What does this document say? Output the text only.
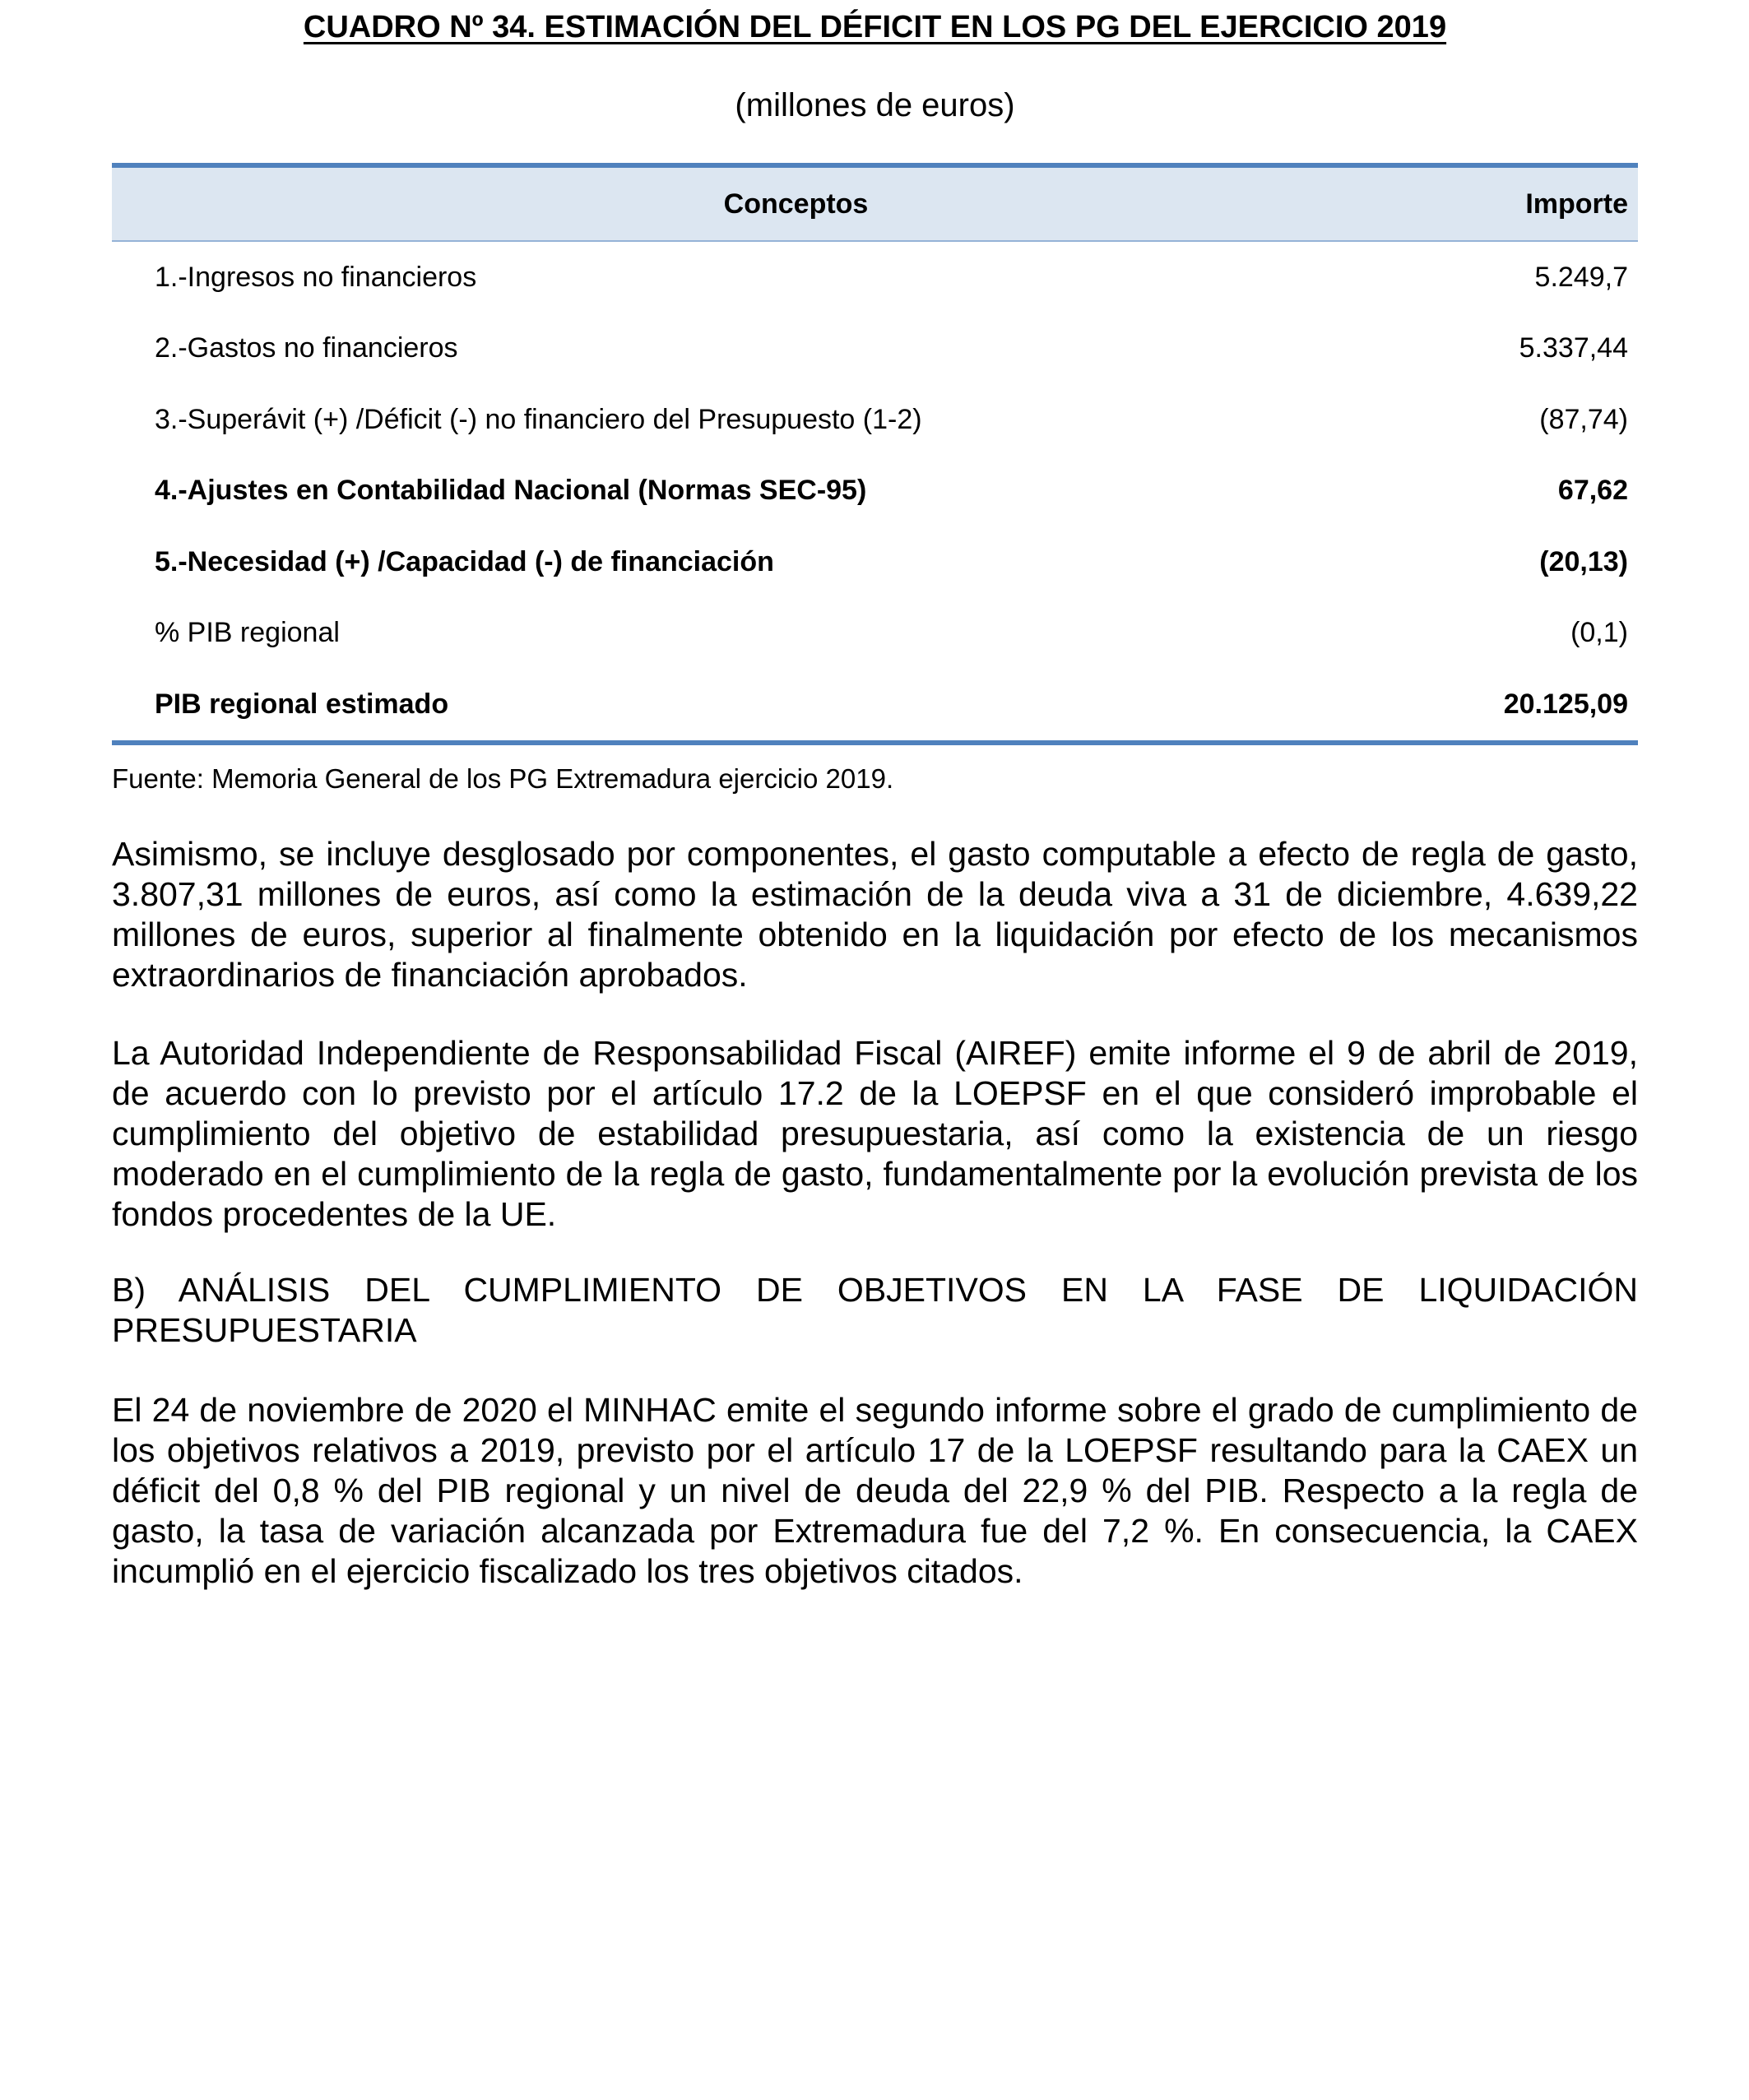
CUADRO Nº 34. ESTIMACIÓN DEL DÉFICIT EN LOS PG DEL EJERCICIO 2019
(millones de euros)
Conceptos	Importe
1.-Ingresos no financieros	5.249,7
2.-Gastos no financieros	5.337,44
3.-Superávit (+) /Déficit (-) no financiero del Presupuesto (1-2)	(87,74)
4.-Ajustes en Contabilidad Nacional (Normas SEC-95)	67,62
5.-Necesidad (+) /Capacidad (-) de financiación	(20,13)
% PIB regional	(0,1)
PIB regional estimado	20.125,09
Fuente: Memoria General de los PG Extremadura ejercicio 2019.

Asimismo, se incluye desglosado por componentes, el gasto computable a efecto de regla de gasto, 3.807,31 millones de euros, así como la estimación de la deuda viva a 31 de diciembre, 4.639,22 millones de euros, superior al finalmente obtenido en la liquidación por efecto de los mecanismos extraordinarios de financiación aprobados.

La Autoridad Independiente de Responsabilidad Fiscal (AIREF) emite informe el 9 de abril de 2019, de acuerdo con lo previsto por el artículo 17.2 de la LOEPSF en el que consideró improbable el cumplimiento del objetivo de estabilidad presupuestaria, así como la existencia de un riesgo moderado en el cumplimiento de la regla de gasto, fundamentalmente por la evolución prevista de los fondos procedentes de la UE.

B) ANÁLISIS DEL CUMPLIMIENTO DE OBJETIVOS EN LA FASE DE LIQUIDACIÓN PRESUPUESTARIA

El 24 de noviembre de 2020 el MINHAC emite el segundo informe sobre el grado de cumplimiento de los objetivos relativos a 2019, previsto por el artículo 17 de la LOEPSF resultando para la CAEX un déficit del 0,8 % del PIB regional y un nivel de deuda del 22,9 % del PIB. Respecto a la regla de gasto, la tasa de variación alcanzada por Extremadura fue del 7,2 %. En consecuencia, la CAEX incumplió en el ejercicio fiscalizado los tres objetivos citados.
